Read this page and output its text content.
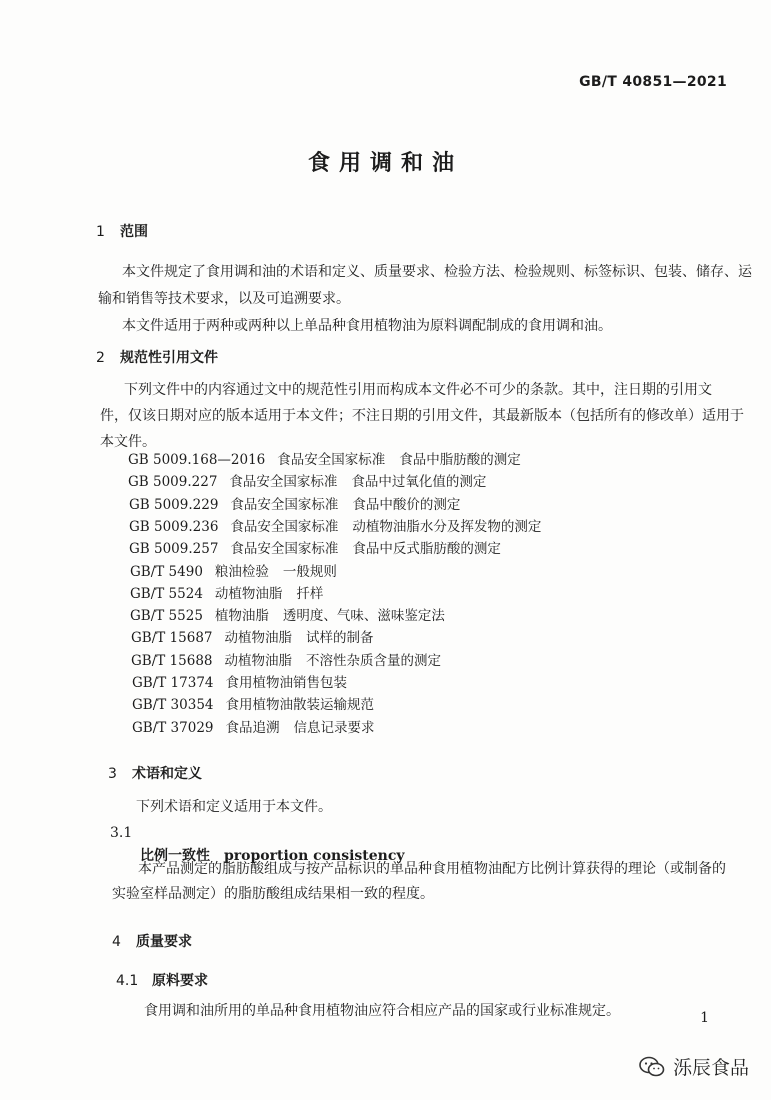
GB/T 40851—2021
食用调和油
1 范围
本文件规定了食用调和油的术语和定义、质量要求、检验方法、检验规则、标签标识、包装、储存、运
输和销售等技术要求，以及可追溯要求。
本文件适用于两种或两种以上单品种食用植物油为原料调配制成的食用调和油。
2 规范性引用文件
下列文件中的内容通过文中的规范性引用而构成本文件必不可少的条款。其中，注日期的引用文
件，仅该日期对应的版本适用于本文件；不注日期的引用文件，其最新版本（包括所有的修改单）适用于
本文件。
GB 5009.168—2016 食品安全国家标准 食品中脂肪酸的测定
GB 5009.227 食品安全国家标准 食品中过氧化值的测定
GB 5009.229 食品安全国家标准 食品中酸价的测定
GB 5009.236 食品安全国家标准 动植物油脂水分及挥发物的测定
GB 5009.257 食品安全国家标准 食品中反式脂肪酸的测定
GB/T 5490 粮油检验 一般规则
GB/T 5524 动植物油脂 扦样
GB/T 5525 植物油脂 透明度、气味、滋味鉴定法
GB/T 15687 动植物油脂 试样的制备
GB/T 15688 动植物油脂 不溶性杂质含量的测定
GB/T 17374 食用植物油销售包装
GB/T 30354 食用植物油散装运输规范
GB/T 37029 食品追溯 信息记录要求
3 术语和定义
下列术语和定义适用于本文件。
3.1
比例一致性 proportion consistency
本产品测定的脂肪酸组成与按产品标识的单品种食用植物油配方比例计算获得的理论（或制备的
实验室样品测定）的脂肪酸组成结果相一致的程度。
4 质量要求
4.1 原料要求
食用调和油所用的单品种食用植物油应符合相应产品的国家或行业标准规定。	1
泺辰食品
